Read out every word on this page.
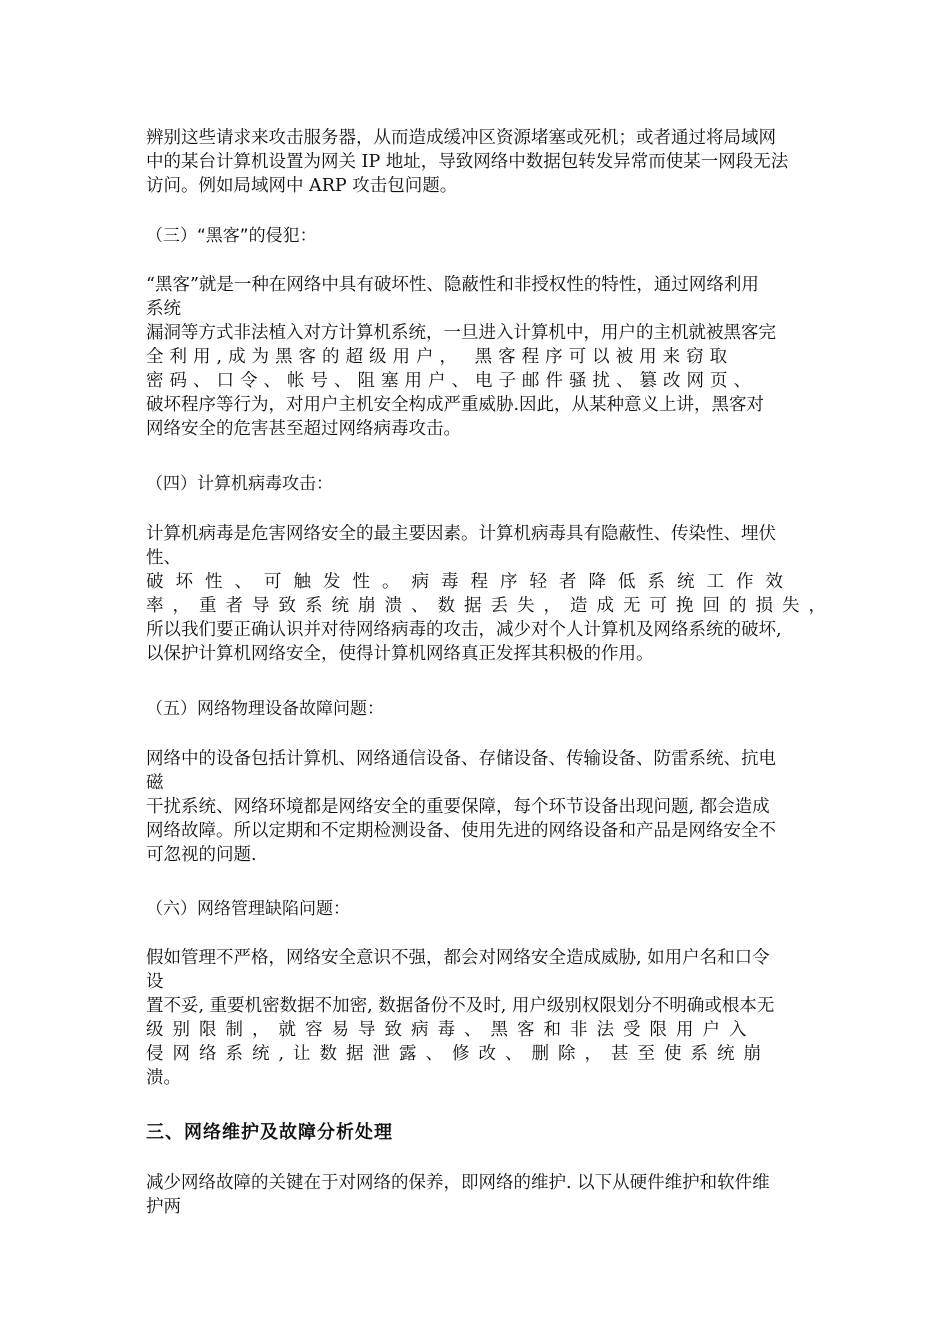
辨别这些请求来攻击服务器，从而造成缓冲区资源堵塞或死机；或者通过将局域网

中的某台计算机设置为网关 IP 地址，导致网络中数据包转发异常而使某一网段无法

访问。例如局域网中 ARP 攻击包问题。

（三）“黑客”的侵犯：

“黑客”就是一种在网络中具有破坏性、隐蔽性和非授权性的特性，通过网络利用

系统

漏洞等方式非法植入对方计算机系统，一旦进入计算机中，用户的主机就被黑客完

全利用,成为黑客的超级用户， 黑客程序可以被用来窃取

密码、口令、帐号、阻塞用户、电子邮件骚扰、篡改网页、

破坏程序等行为，对用户主机安全构成严重威胁.因此，从某种意义上讲，黑客对

网络安全的危害甚至超过网络病毒攻击。

（四）计算机病毒攻击：

计算机病毒是危害网络安全的最主要因素。计算机病毒具有隐蔽性、传染性、埋伏

性、

破坏性、可触发性。病毒程序轻者降低系统工作效

率，重者导致系统崩溃、数据丢失，造成无可挽回的损失，

所以我们要正确认识并对待网络病毒的攻击，减少对个人计算机及网络系统的破坏,

以保护计算机网络安全，使得计算机网络真正发挥其积极的作用。

（五）网络物理设备故障问题：

网络中的设备包括计算机、网络通信设备、存储设备、传输设备、防雷系统、抗电

磁

干扰系统、网络环境都是网络安全的重要保障，每个环节设备出现问题, 都会造成

网络故障。所以定期和不定期检测设备、使用先进的网络设备和产品是网络安全不

可忽视的问题.

（六）网络管理缺陷问题：

假如管理不严格，网络安全意识不强，都会对网络安全造成威胁, 如用户名和口令

设

置不妥, 重要机密数据不加密, 数据备份不及时, 用户级别权限划分不明确或根本无

级别限制，就容易导致病毒、黑客和非法受限用户入

侵网络系统,让数据泄露、修改、删除，甚至使系统崩

溃。

三、网络维护及故障分析处理

减少网络故障的关键在于对网络的保养，即网络的维护. 以下从硬件维护和软件维

护两
